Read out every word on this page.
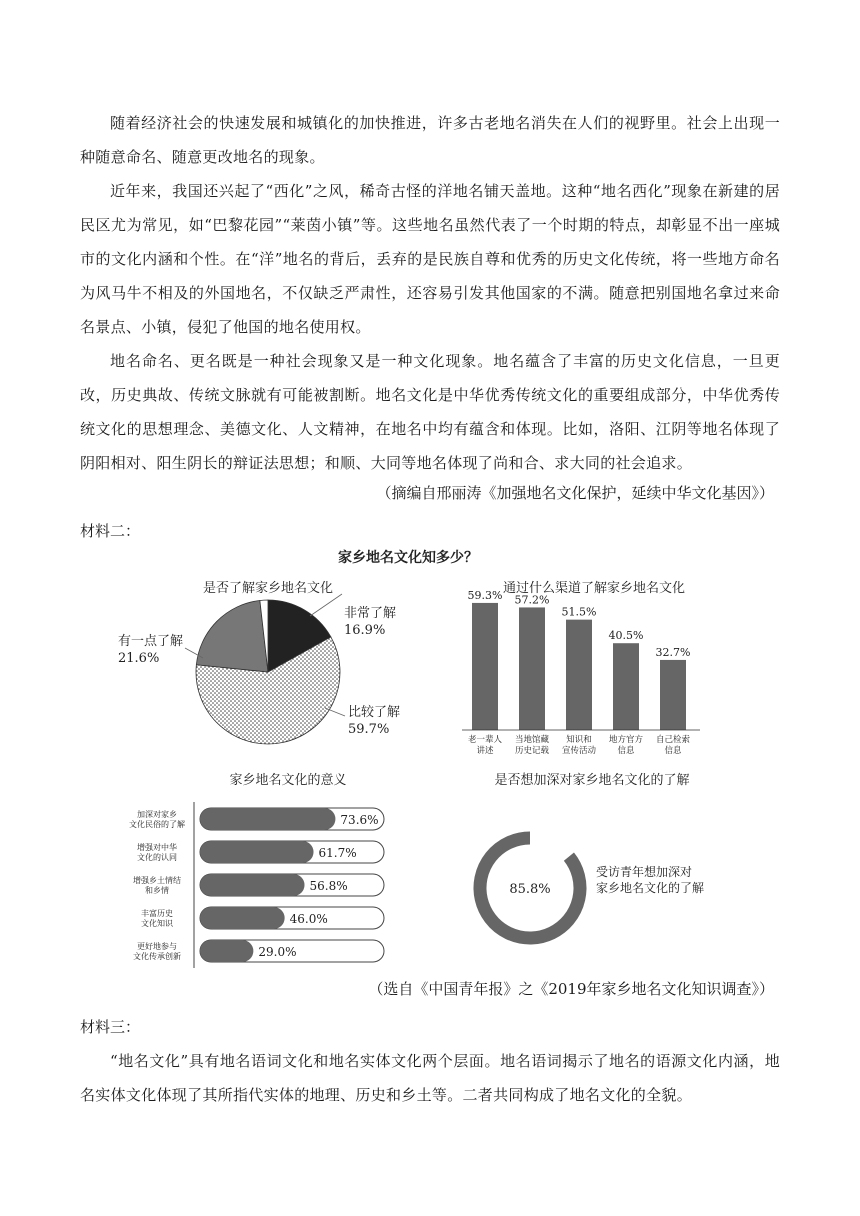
随着经济社会的快速发展和城镇化的加快推进，许多古老地名消失在人们的视野里。社会上出现一种随意命名、随意更改地名的现象。

近年来，我国还兴起了“西化”之风，稀奇古怪的洋地名铺天盖地。这种“地名西化”现象在新建的居民区尤为常见，如“巴黎花园”“莱茵小镇”等。这些地名虽然代表了一个时期的特点，却彰显不出一座城市的文化内涵和个性。在“洋”地名的背后，丢弃的是民族自尊和优秀的历史文化传统，将一些地方命名为风马牛不相及的外国地名，不仅缺乏严肃性，还容易引发其他国家的不满。随意把别国地名拿过来命名景点、小镇，侵犯了他国的地名使用权。

地名命名、更名既是一种社会现象又是一种文化现象。地名蕴含了丰富的历史文化信息，一旦更改，历史典故、传统文脉就有可能被割断。地名文化是中华优秀传统文化的重要组成部分，中华优秀传统文化的思想理念、美德文化、人文精神，在地名中均有蕴含和体现。比如，洛阳、江阴等地名体现了阴阳相对、阳生阴长的辩证法思想；和顺、大同等地名体现了尚和合、求大同的社会追求。

（摘编自邢丽涛《加强地名文化保护，延续中华文化基因》）
材料二：
家乡地名文化知多少？
是否了解家乡地名文化
非常了解
16.9%
比较了解
59.7%
有一点了解
21.6%
通过什么渠道了解家乡地名文化
59.3%
老一辈人
讲述
57.2%
当地馆藏
历史记载
51.5%
知识和
宣传活动
40.5%
地方官方
信息
32.7%
自己检索
信息
家乡地名文化的意义
73.6%
加深对家乡
文化民俗的了解
61.7%
增强对中华
文化的认同
56.8%
增强乡土情结
和乡情
46.0%
丰富历史
文化知识
29.0%
更好地参与
文化传承创新
是否想加深对家乡地名文化的了解
85.8%
受访青年想加深对
家乡地名文化的了解
（选自《中国青年报》之《2019年家乡地名文化知识调查》）
材料三：

“地名文化”具有地名语词文化和地名实体文化两个层面。地名语词揭示了地名的语源文化内涵，地名实体文化体现了其所指代实体的地理、历史和乡土等。二者共同构成了地名文化的全貌。
